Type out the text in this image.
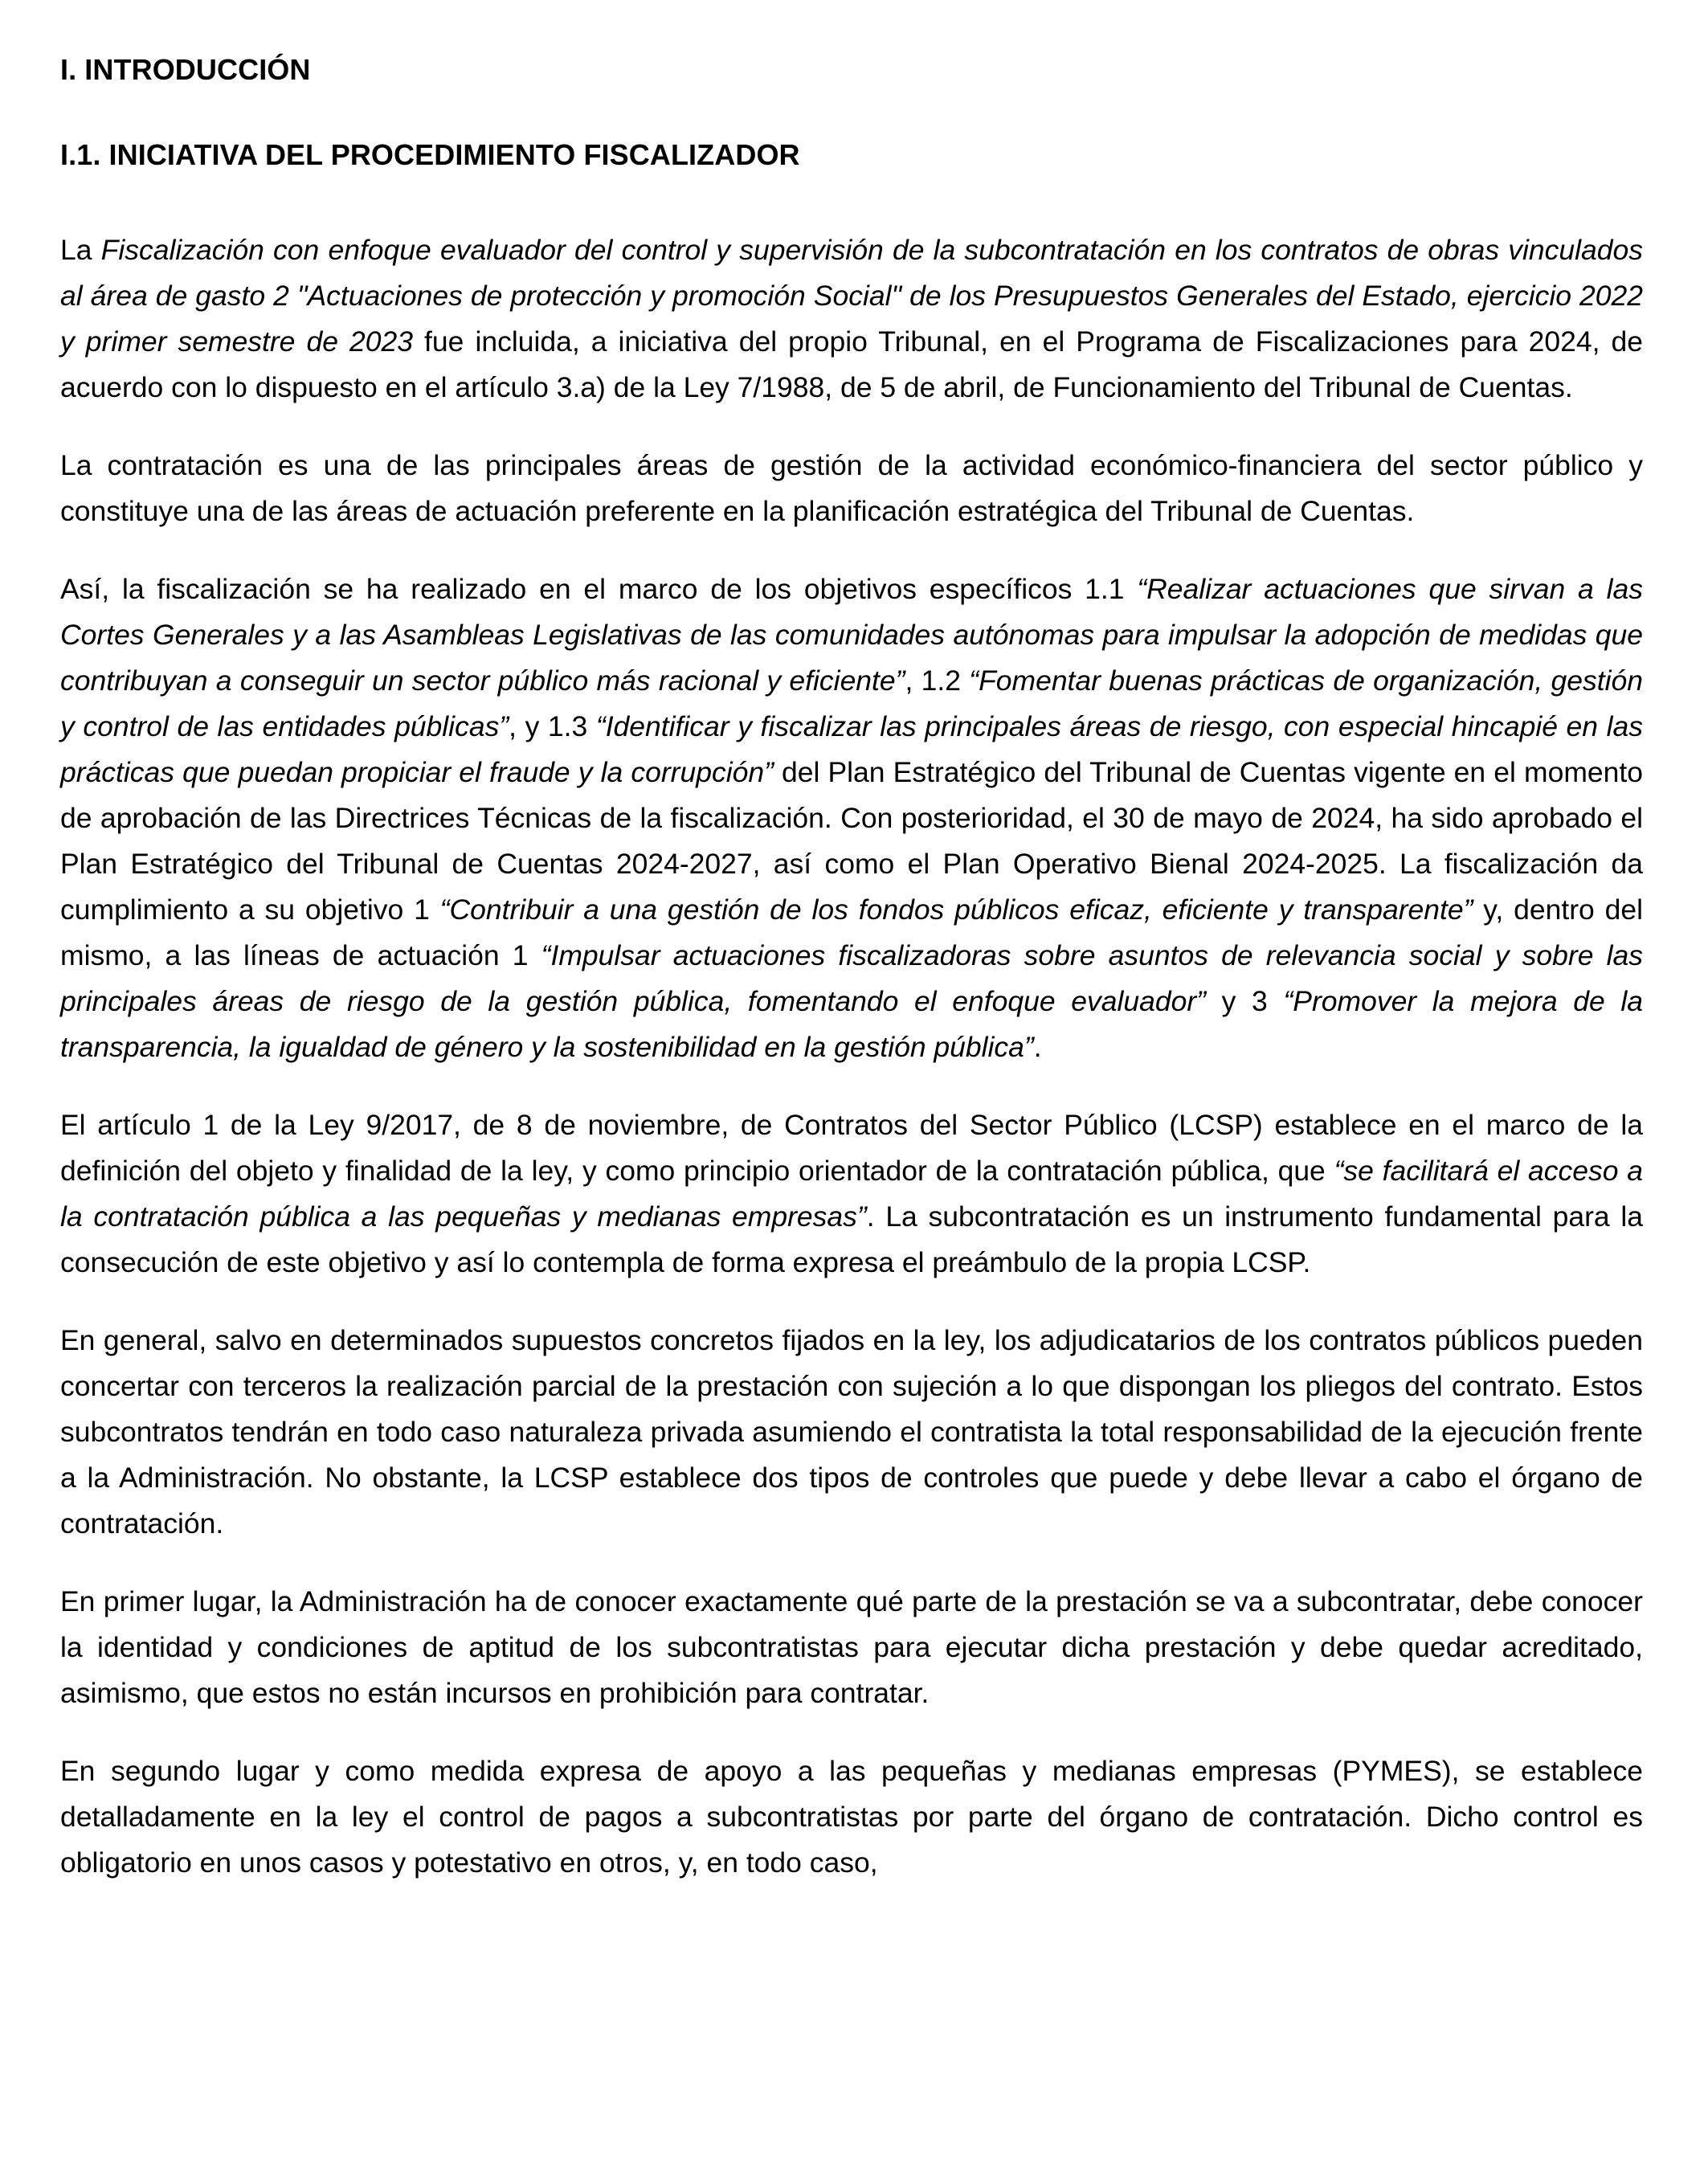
I. INTRODUCCIÓN
I.1. INICIATIVA DEL PROCEDIMIENTO FISCALIZADOR

La Fiscalización con enfoque evaluador del control y supervisión de la subcontratación en los contratos de obras vinculados al área de gasto 2 "Actuaciones de protección y promoción Social" de los Presupuestos Generales del Estado, ejercicio 2022 y primer semestre de 2023 fue incluida, a iniciativa del propio Tribunal, en el Programa de Fiscalizaciones para 2024, de acuerdo con lo dispuesto en el artículo 3.a) de la Ley 7/1988, de 5 de abril, de Funcionamiento del Tribunal de Cuentas.

La contratación es una de las principales áreas de gestión de la actividad económico-financiera del sector público y constituye una de las áreas de actuación preferente en la planificación estratégica del Tribunal de Cuentas.

Así, la fiscalización se ha realizado en el marco de los objetivos específicos 1.1 “Realizar actuaciones que sirvan a las Cortes Generales y a las Asambleas Legislativas de las comunidades autónomas para impulsar la adopción de medidas que contribuyan a conseguir un sector público más racional y eficiente”, 1.2 “Fomentar buenas prácticas de organización, gestión y control de las entidades públicas”, y 1.3 “Identificar y fiscalizar las principales áreas de riesgo, con especial hincapié en las prácticas que puedan propiciar el fraude y la corrupción” del Plan Estratégico del Tribunal de Cuentas vigente en el momento de aprobación de las Directrices Técnicas de la fiscalización. Con posterioridad, el 30 de mayo de 2024, ha sido aprobado el Plan Estratégico del Tribunal de Cuentas 2024-2027, así como el Plan Operativo Bienal 2024-2025. La fiscalización da cumplimiento a su objetivo 1 “Contribuir a una gestión de los fondos públicos eficaz, eficiente y transparente” y, dentro del mismo, a las líneas de actuación 1 “Impulsar actuaciones fiscalizadoras sobre asuntos de relevancia social y sobre las principales áreas de riesgo de la gestión pública, fomentando el enfoque evaluador” y 3 “Promover la mejora de la transparencia, la igualdad de género y la sostenibilidad en la gestión pública”.

El artículo 1 de la Ley 9/2017, de 8 de noviembre, de Contratos del Sector Público (LCSP) establece en el marco de la definición del objeto y finalidad de la ley, y como principio orientador de la contratación pública, que “se facilitará el acceso a la contratación pública a las pequeñas y medianas empresas”. La subcontratación es un instrumento fundamental para la consecución de este objetivo y así lo contempla de forma expresa el preámbulo de la propia LCSP.

En general, salvo en determinados supuestos concretos fijados en la ley, los adjudicatarios de los contratos públicos pueden concertar con terceros la realización parcial de la prestación con sujeción a lo que dispongan los pliegos del contrato. Estos subcontratos tendrán en todo caso naturaleza privada asumiendo el contratista la total responsabilidad de la ejecución frente a la Administración. No obstante, la LCSP establece dos tipos de controles que puede y debe llevar a cabo el órgano de contratación.

En primer lugar, la Administración ha de conocer exactamente qué parte de la prestación se va a subcontratar, debe conocer la identidad y condiciones de aptitud de los subcontratistas para ejecutar dicha prestación y debe quedar acreditado, asimismo, que estos no están incursos en prohibición para contratar.

En segundo lugar y como medida expresa de apoyo a las pequeñas y medianas empresas (PYMES), se establece detalladamente en la ley el control de pagos a subcontratistas por parte del órgano de contratación. Dicho control es obligatorio en unos casos y potestativo en otros, y, en todo caso,
